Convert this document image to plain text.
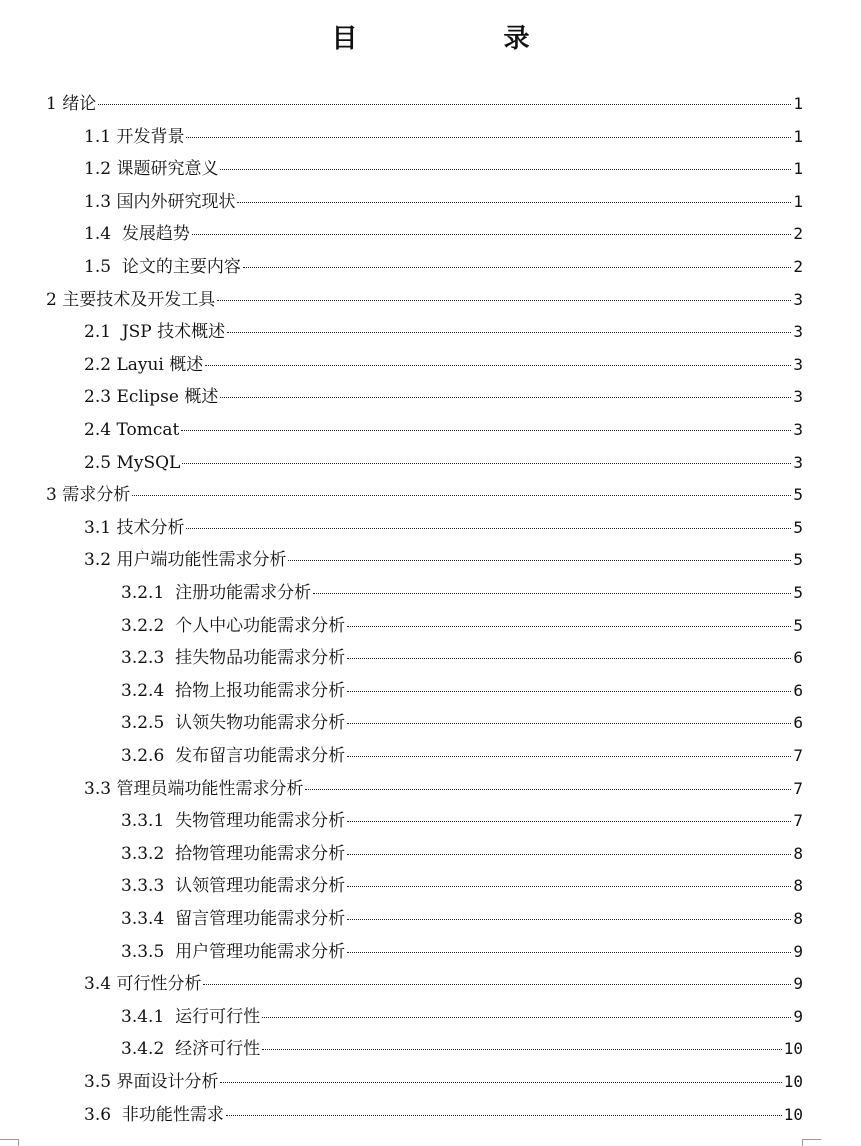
目　录
1 绪论	1
1.1 开发背景	1
1.2 课题研究意义	1
1.3 国内外研究现状	1
1.4  发展趋势	2
1.5  论文的主要内容	2
2 主要技术及开发工具	3
2.1  JSP 技术概述	3
2.2 Layui 概述	3
2.3 Eclipse 概述	3
2.4 Tomcat	3
2.5 MySQL	3
3 需求分析	5
3.1 技术分析	5
3.2 用户端功能性需求分析	5
3.2.1  注册功能需求分析	5
3.2.2  个人中心功能需求分析	5
3.2.3  挂失物品功能需求分析	6
3.2.4  拾物上报功能需求分析	6
3.2.5  认领失物功能需求分析	6
3.2.6  发布留言功能需求分析	7
3.3 管理员端功能性需求分析	7
3.3.1  失物管理功能需求分析	7
3.3.2  拾物管理功能需求分析	8
3.3.3  认领管理功能需求分析	8
3.3.4  留言管理功能需求分析	8
3.3.5  用户管理功能需求分析	9
3.4 可行性分析	9
3.4.1  运行可行性	9
3.4.2  经济可行性	10
3.5 界面设计分析	10
3.6  非功能性需求	10
